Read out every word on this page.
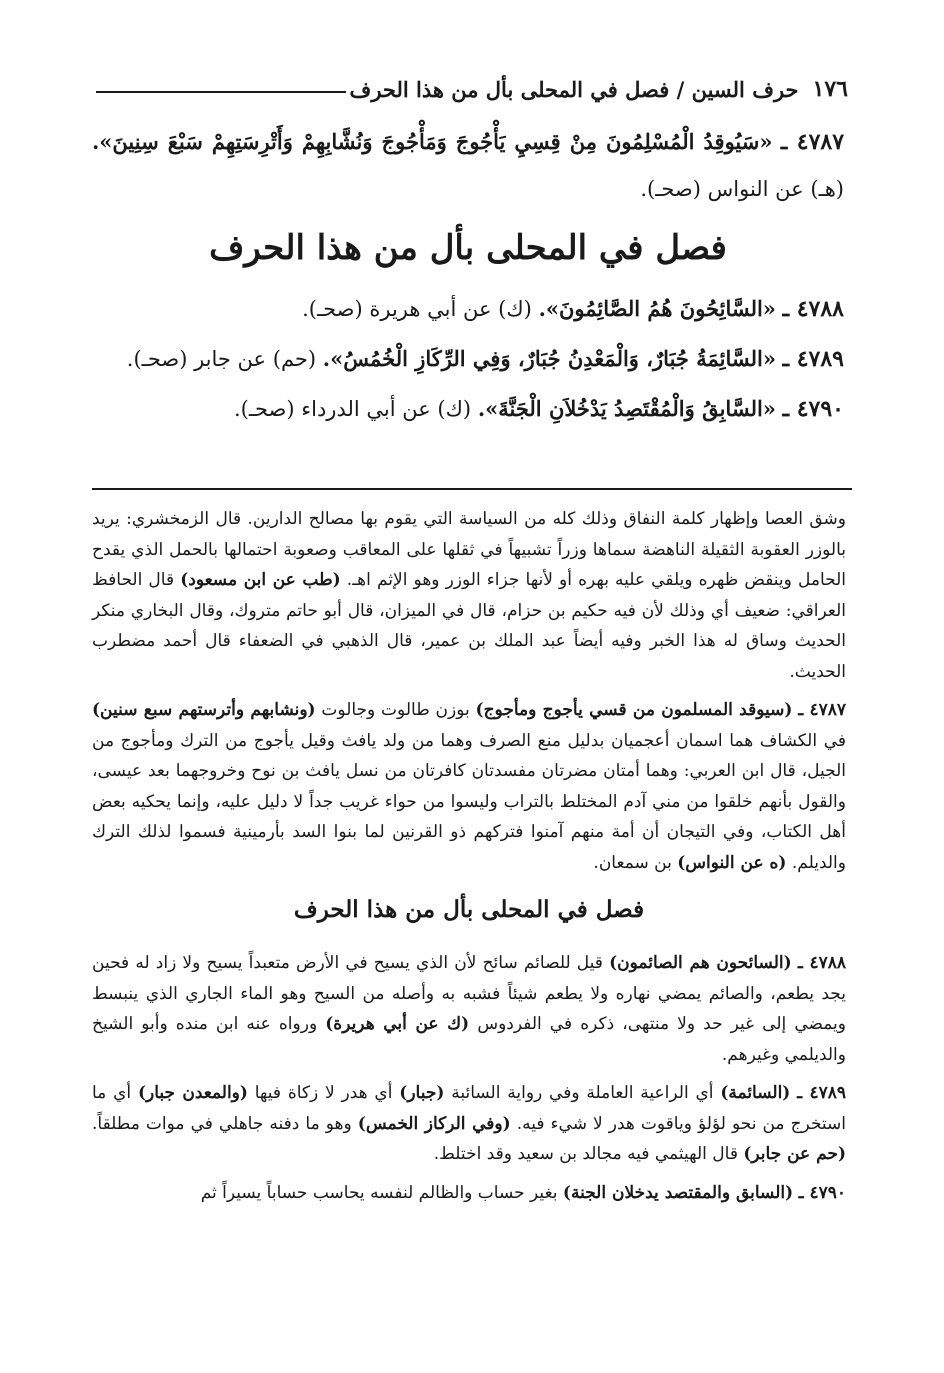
١٧٦
حرف السين / فصل في المحلى بأل من هذا الحرف

٤٧٨٧ ـ «سَيُوقِدُ الْمُسْلِمُونَ مِنْ قِسِيِ يَأْجُوجَ وَمَأْجُوجَ وَنُشَّابِهِمْ وَأَتْرِسَتِهِمْ سَبْعَ سِنِينَ». (هـ) عن النواس (صحـ).

فصل في المحلى بأل من هذا الحرف

٤٧٨٨ ـ «السَّائِحُونَ هُمُ الصَّائِمُونَ». (ك) عن أبي هريرة (صحـ).

٤٧٨٩ ـ «السَّائِمَةُ جُبَارٌ، وَالْمَعْدِنُ جُبَارٌ، وَفِي الرِّكَازِ الْخُمُسُ». (حم) عن جابر (صحـ).

٤٧٩٠ ـ «السَّابِقُ وَالْمُقْتَصِدُ يَدْخُلاَنِ الْجَنَّةَ». (ك) عن أبي الدرداء (صحـ).

وشق العصا وإظهار كلمة النفاق وذلك كله من السياسة التي يقوم بها مصالح الدارين. قال الزمخشري: يريد بالوزر العقوبة الثقيلة الناهضة سماها وزراً تشبيهاً في ثقلها على المعاقب وصعوبة احتمالها بالحمل الذي يقدح الحامل وينقض ظهره ويلقي عليه بهره أو لأنها جزاء الوزر وهو الإثم اهـ. (طب عن ابن مسعود) قال الحافظ العراقي: ضعيف أي وذلك لأن فيه حكيم بن حزام، قال في الميزان، قال أبو حاتم متروك، وقال البخاري منكر الحديث وساق له هذا الخبر وفيه أيضاً عبد الملك بن عمير، قال الذهبي في الضعفاء قال أحمد مضطرب الحديث.

٤٧٨٧ ـ (سيوقد المسلمون من قسي يأجوج ومأجوج) بوزن طالوت وجالوت (ونشابهم وأترستهم سبع سنين) في الكشاف هما اسمان أعجميان بدليل منع الصرف وهما من ولد يافث وقيل يأجوج من الترك ومأجوج من الجيل، قال ابن العربي: وهما أمتان مضرتان مفسدتان كافرتان من نسل يافث بن نوح وخروجهما بعد عيسى، والقول بأنهم خلقوا من مني آدم المختلط بالتراب وليسوا من حواء غريب جداً لا دليل عليه، وإنما يحكيه بعض أهل الكتاب، وفي التيجان أن أمة منهم آمنوا فتركهم ذو القرنين لما بنوا السد بأرمينية فسموا لذلك الترك والديلم. (ه عن النواس) بن سمعان.

فصل في المحلى بأل من هذا الحرف

٤٧٨٨ ـ (السائحون هم الصائمون) قيل للصائم سائح لأن الذي يسيح في الأرض متعبداً يسيح ولا زاد له فحين يجد يطعم، والصائم يمضي نهاره ولا يطعم شيئاً فشبه به وأصله من السيح وهو الماء الجاري الذي ينبسط ويمضي إلى غير حد ولا منتهى، ذكره في الفردوس (ك عن أبي هريرة) ورواه عنه ابن منده وأبو الشيخ والديلمي وغيرهم.

٤٧٨٩ ـ (السائمة) أي الراعية العاملة وفي رواية السائبة (جبار) أي هدر لا زكاة فيها (والمعدن جبار) أي ما استخرج من نحو لؤلؤ وياقوت هدر لا شيء فيه. (وفي الركاز الخمس) وهو ما دفنه جاهلي في موات مطلقاً. (حم عن جابر) قال الهيثمي فيه مجالد بن سعيد وقد اختلط.

٤٧٩٠ ـ (السابق والمقتصد يدخلان الجنة) بغير حساب والظالم لنفسه يحاسب حساباً يسيراً ثم
